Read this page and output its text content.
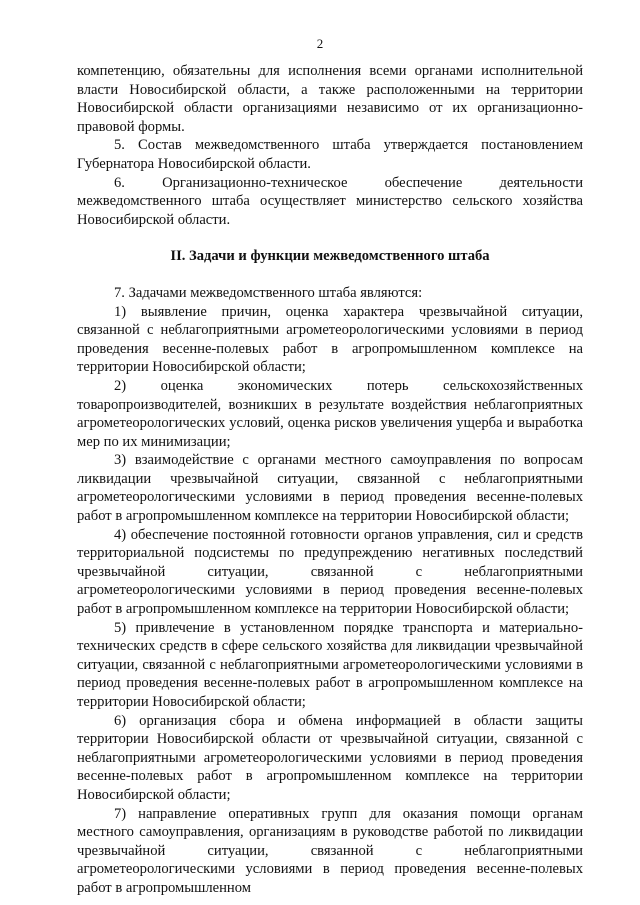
2

компетенцию, обязательны для исполнения всеми органами исполнительной власти Новосибирской области, а также расположенными на территории Новосибирской области организациями независимо от их организационно-правовой формы.

5. Состав межведомственного штаба утверждается постановлением Губернатора Новосибирской области.

6. Организационно-техническое обеспечение деятельности межведомственного штаба осуществляет министерство сельского хозяйства Новосибирской области.

II. Задачи и функции межведомственного штаба

7. Задачами межведомственного штаба являются:

1) выявление причин, оценка характера чрезвычайной ситуации, связанной с неблагоприятными агрометеорологическими условиями в период проведения весенне-полевых работ в агропромышленном комплексе на территории Новосибирской области;

2) оценка экономических потерь сельскохозяйственных товаропроизводителей, возникших в результате воздействия неблагоприятных агрометеорологических условий, оценка рисков увеличения ущерба и выработка мер по их минимизации;

3) взаимодействие с органами местного самоуправления по вопросам ликвидации чрезвычайной ситуации, связанной с неблагоприятными агрометеорологическими условиями в период проведения весенне-полевых работ в агропромышленном комплексе на территории Новосибирской области;

4) обеспечение постоянной готовности органов управления, сил и средств территориальной подсистемы по предупреждению негативных последствий чрезвычайной ситуации, связанной с неблагоприятными агрометеорологическими условиями в период проведения весенне-полевых работ в агропромышленном комплексе на территории Новосибирской области;

5) привлечение в установленном порядке транспорта и материально-технических средств в сфере сельского хозяйства для ликвидации чрезвычайной ситуации, связанной с неблагоприятными агрометеорологическими условиями в период проведения весенне-полевых работ в агропромышленном комплексе на территории Новосибирской области;

6) организация сбора и обмена информацией в области защиты территории Новосибирской области от чрезвычайной ситуации, связанной с неблагоприятными агрометеорологическими условиями в период проведения весенне-полевых работ в агропромышленном комплексе на территории Новосибирской области;

7) направление оперативных групп для оказания помощи органам местного самоуправления, организациям в руководстве работой по ликвидации чрезвычайной ситуации, связанной с неблагоприятными агрометеорологическими условиями в период проведения весенне-полевых работ в агропромышленном
